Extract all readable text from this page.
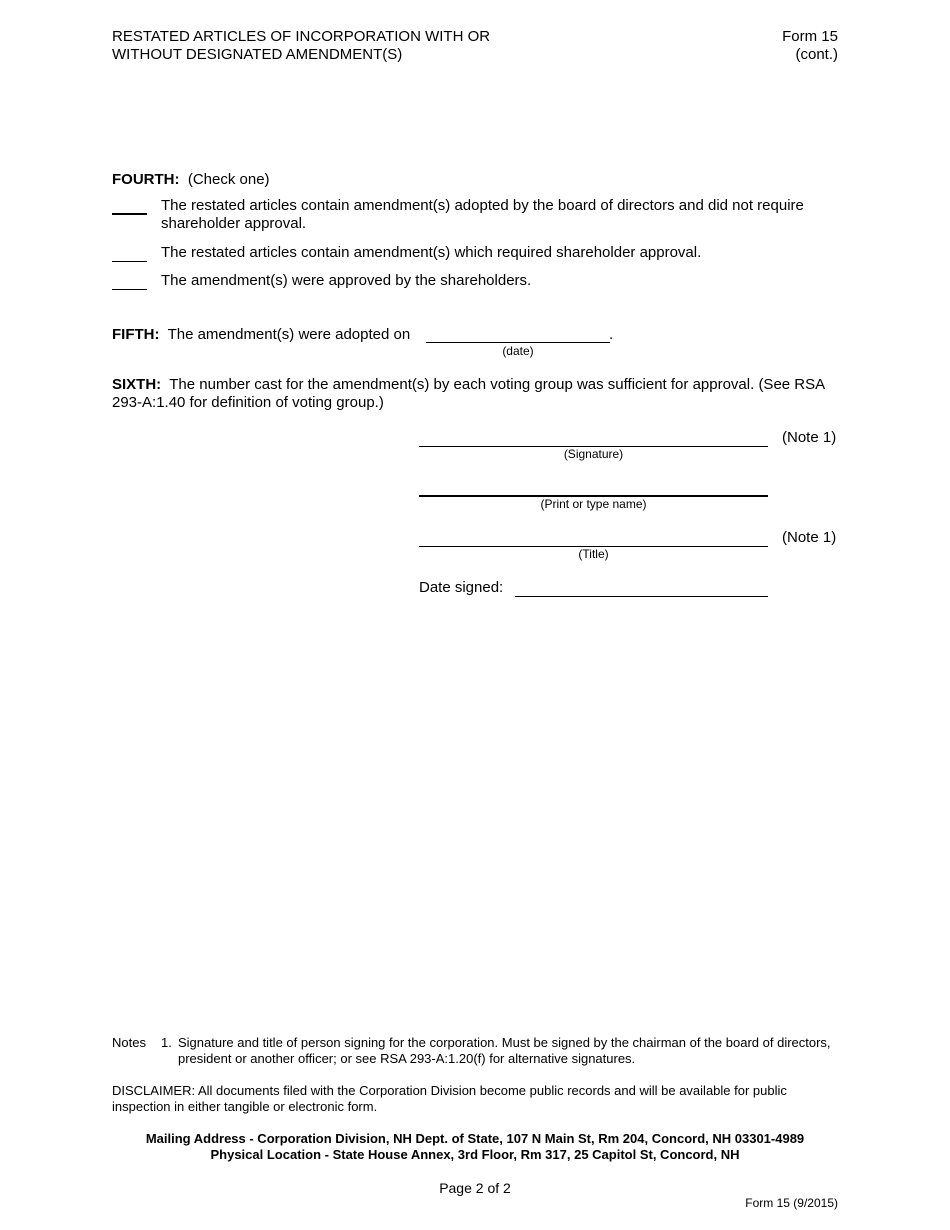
RESTATED ARTICLES OF INCORPORATION WITH OR
WITHOUT DESIGNATED AMENDMENT(S)
Form 15
(cont.)
FOURTH: (Check one)
The restated articles contain amendment(s) adopted by the board of directors and did not require shareholder approval.
The restated articles contain amendment(s) which required shareholder approval.
The amendment(s) were approved by the shareholders.
FIFTH: The amendment(s) were adopted on	.
(date)
SIXTH: The number cast for the amendment(s) by each voting group was sufficient for approval. (See RSA 293-A:1.40 for definition of voting group.)
(Note 1)
(Signature)
(Print or type name)
(Note 1)
(Title)
Date signed:
Notes 1. Signature and title of person signing for the corporation. Must be signed by the chairman of the board of directors, president or another officer; or see RSA 293-A:1.20(f) for alternative signatures.
DISCLAIMER: All documents filed with the Corporation Division become public records and will be available for public inspection in either tangible or electronic form.
Mailing Address - Corporation Division, NH Dept. of State, 107 N Main St, Rm 204, Concord, NH 03301-4989
Physical Location - State House Annex, 3rd Floor, Rm 317, 25 Capitol St, Concord, NH
Page 2 of 2
Form 15 (9/2015)
